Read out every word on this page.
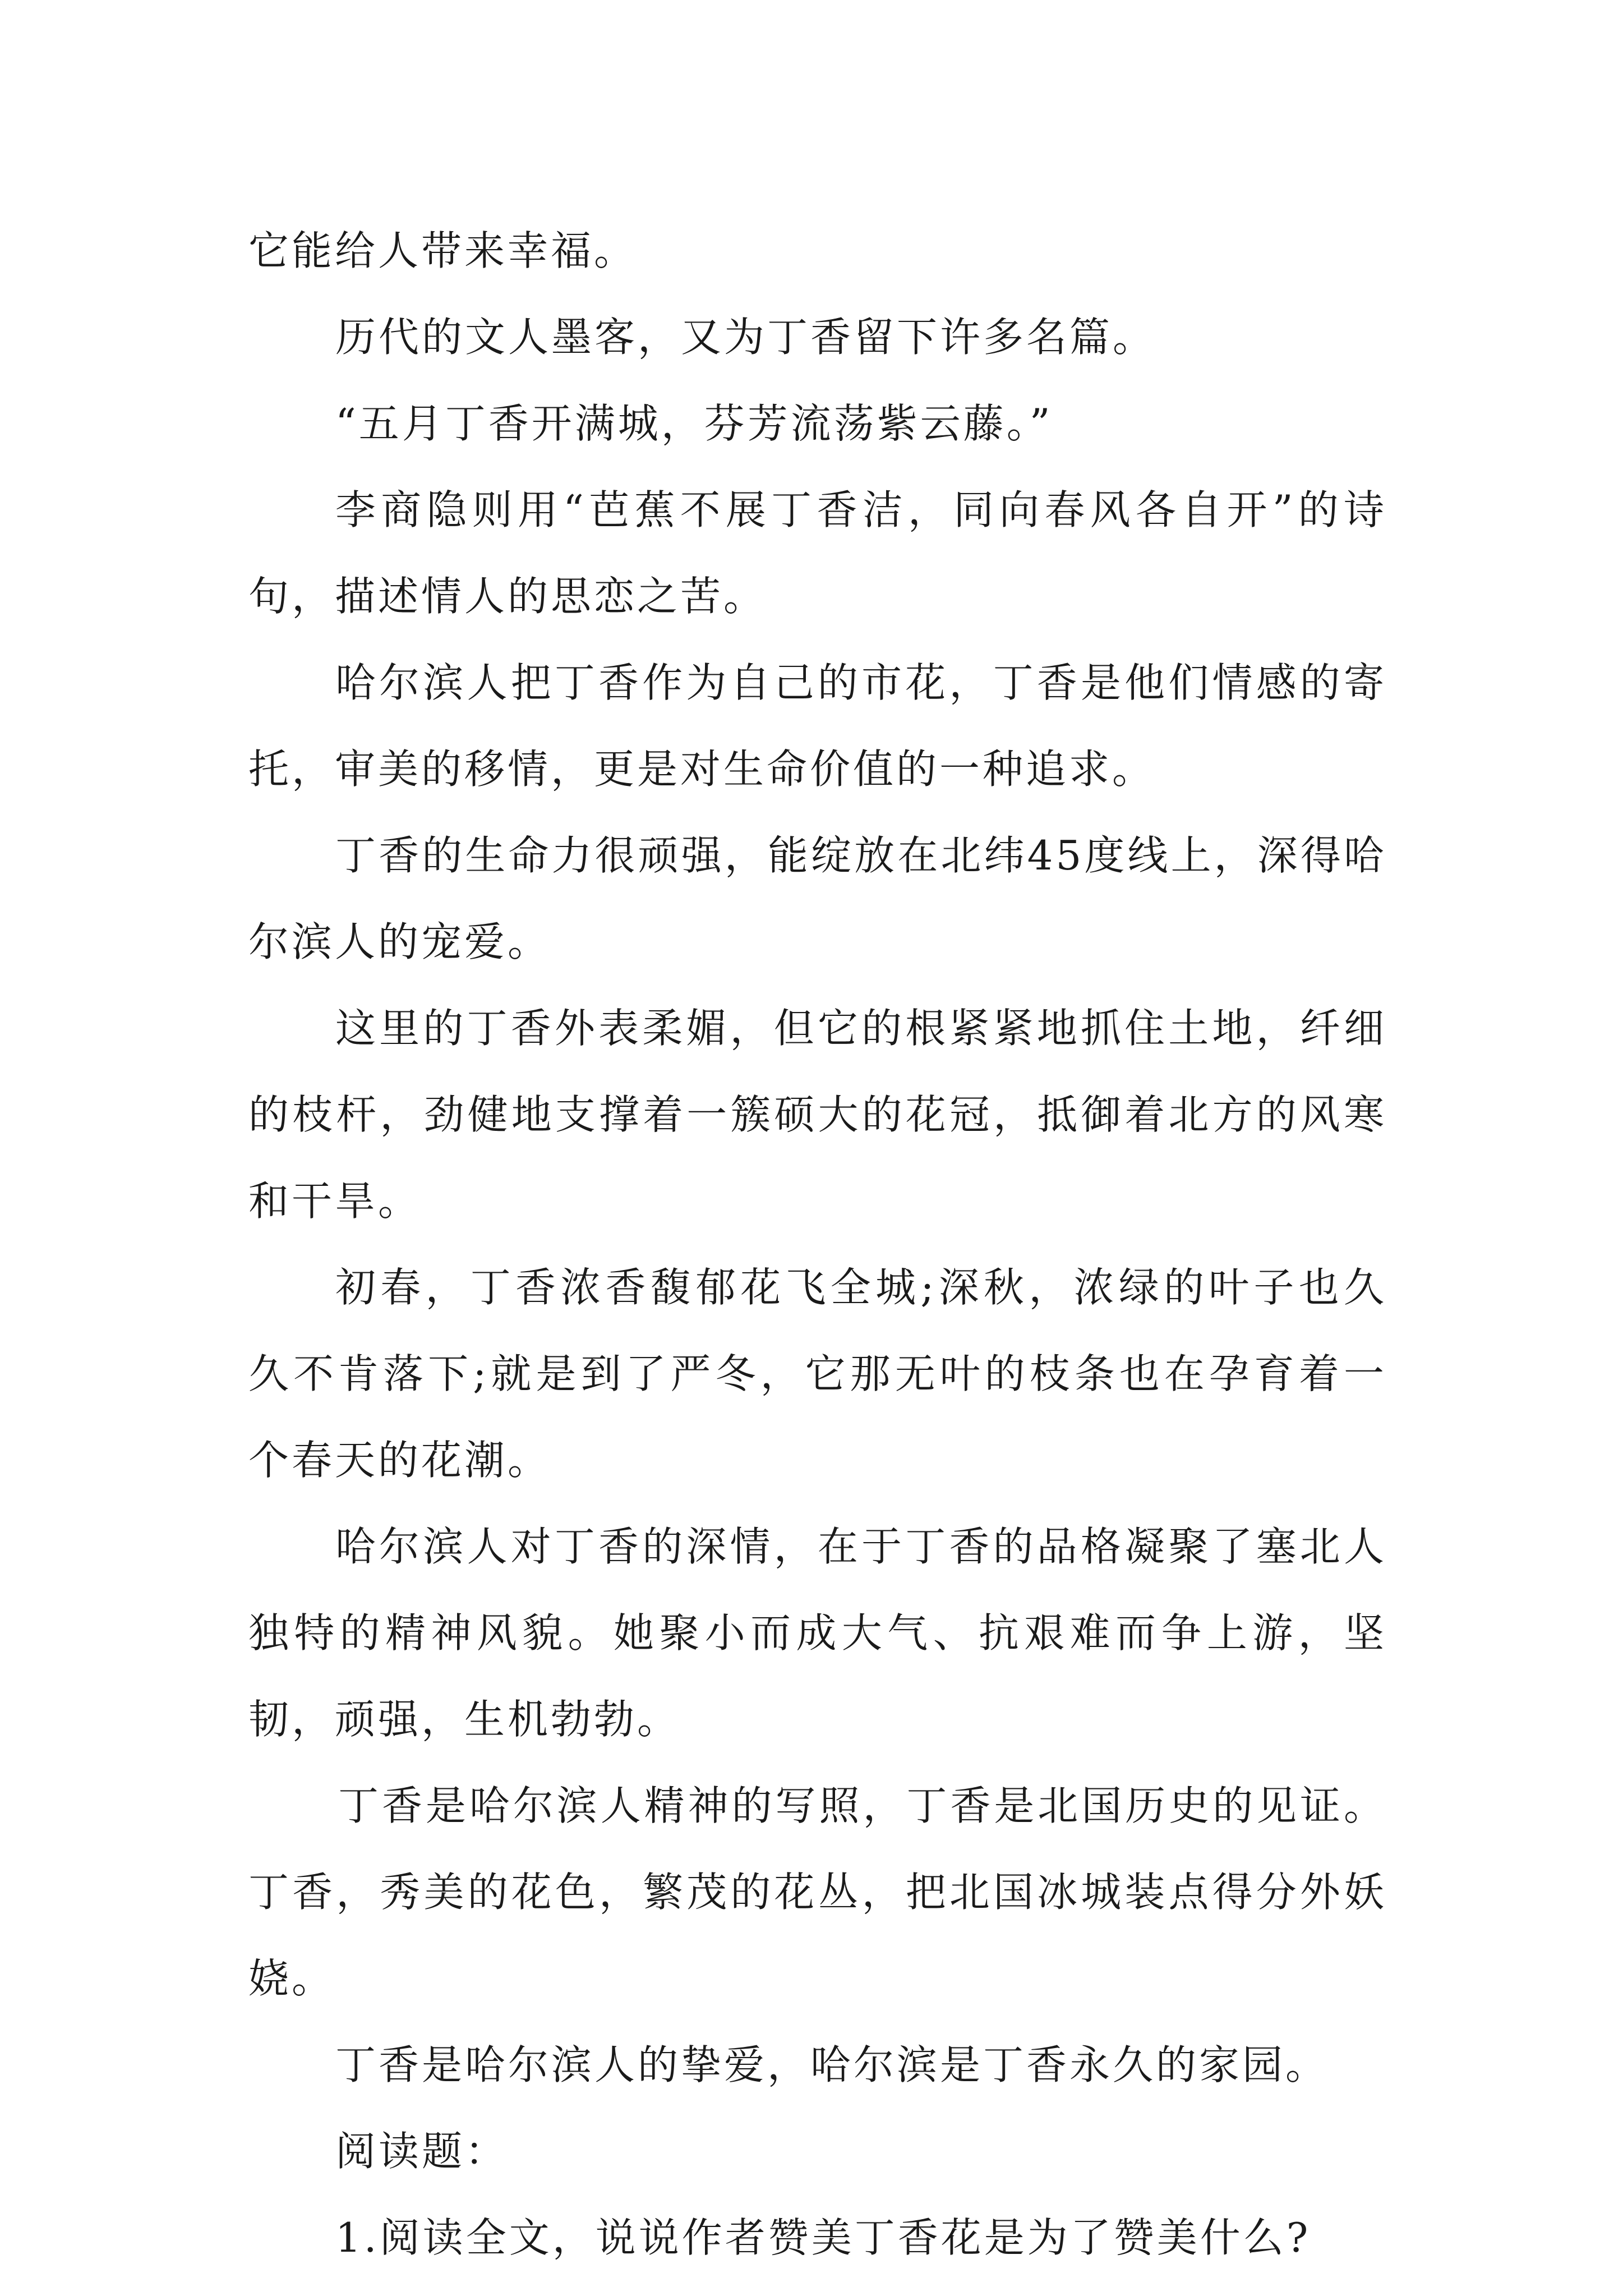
它能给人带来幸福。

历代的文人墨客，又为丁香留下许多名篇。

“五月丁香开满城，芬芳流荡紫云藤。”

李商隐则用“芭蕉不展丁香洁，同向春风各自开”的诗句，描述情人的思恋之苦。

哈尔滨人把丁香作为自己的市花，丁香是他们情感的寄托，审美的移情，更是对生命价值的一种追求。

丁香的生命力很顽强，能绽放在北纬45度线上，深得哈尔滨人的宠爱。

这里的丁香外表柔媚，但它的根紧紧地抓住土地，纤细的枝杆，劲健地支撑着一簇硕大的花冠，抵御着北方的风寒和干旱。

初春，丁香浓香馥郁花飞全城;深秋，浓绿的叶子也久久不肯落下;就是到了严冬，它那无叶的枝条也在孕育着一个春天的花潮。

哈尔滨人对丁香的深情，在于丁香的品格凝聚了塞北人独特的精神风貌。她聚小而成大气、抗艰难而争上游，坚韧，顽强，生机勃勃。

丁香是哈尔滨人精神的写照，丁香是北国历史的见证。丁香，秀美的花色，繁茂的花丛，把北国冰城装点得分外妖娆。

丁香是哈尔滨人的挚爱，哈尔滨是丁香永久的家园。

阅读题：

1.阅读全文，说说作者赞美丁香花是为了赞美什么?
